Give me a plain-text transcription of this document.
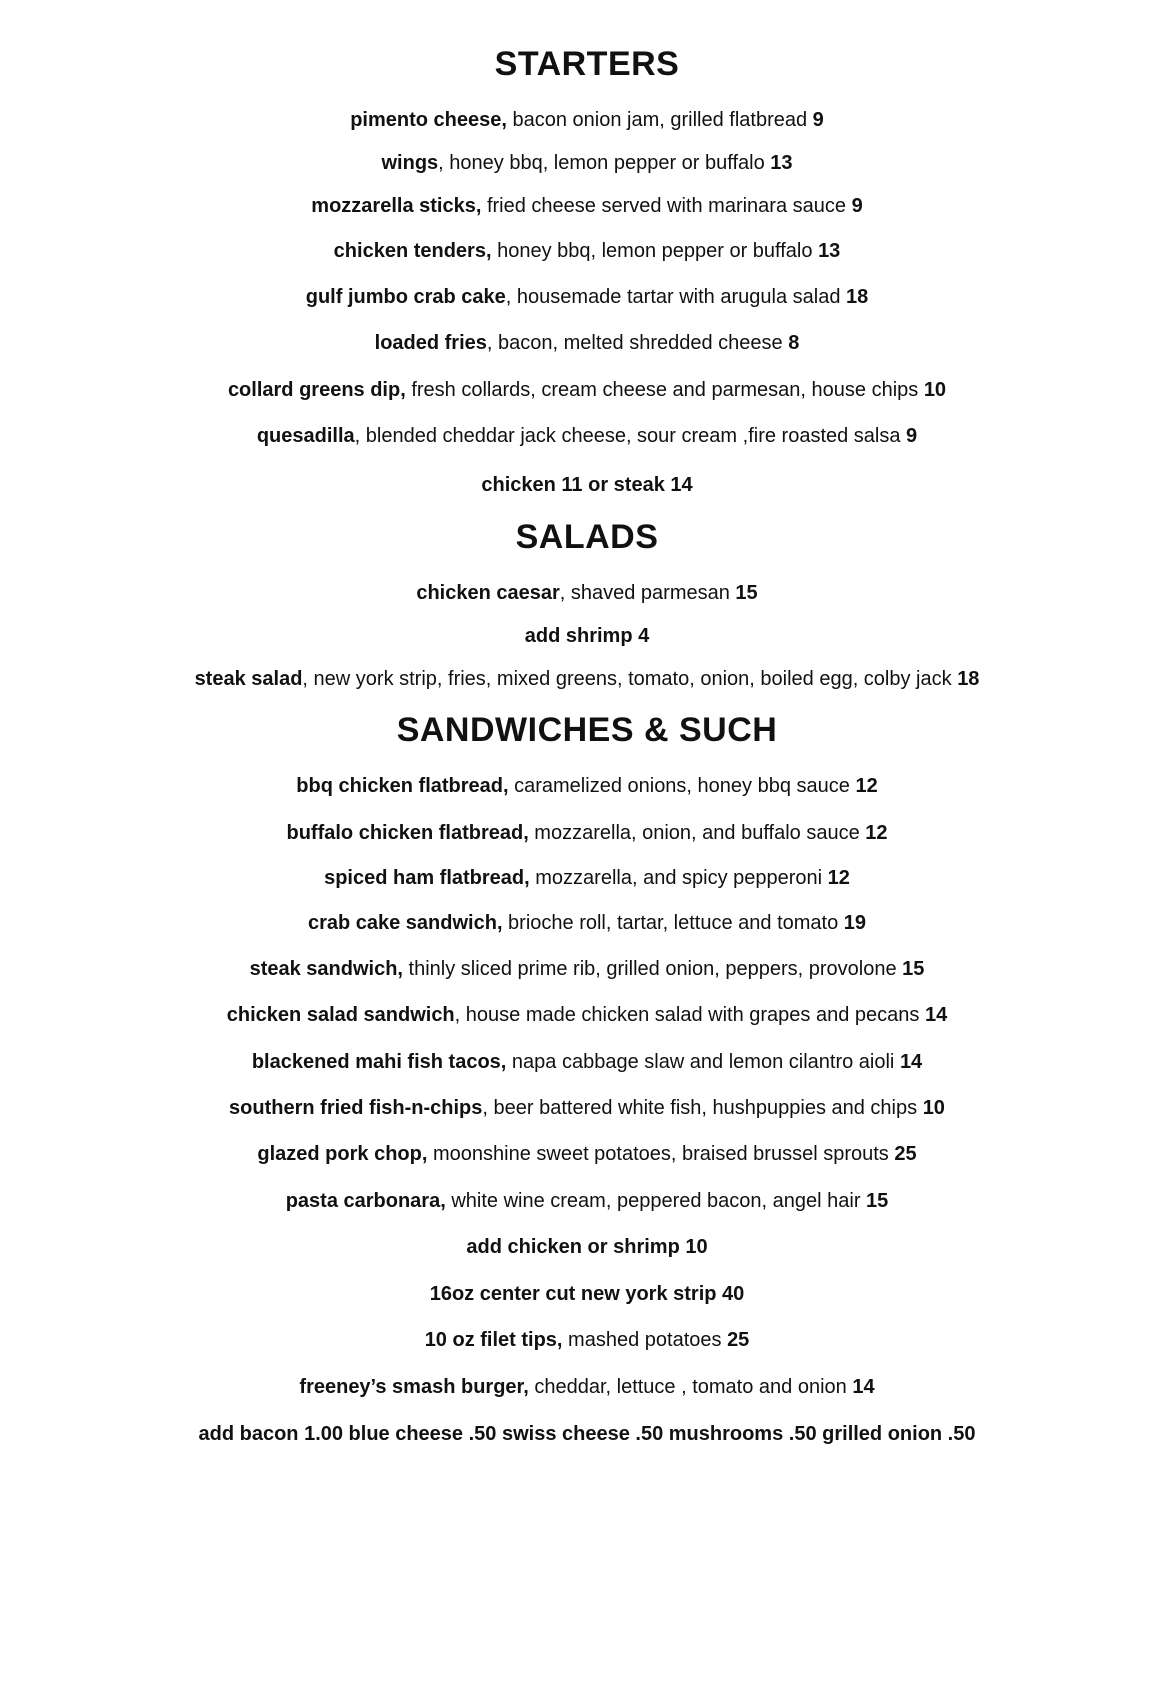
STARTERS
pimento cheese, bacon onion jam, grilled flatbread 9
wings, honey bbq, lemon pepper or buffalo 13
mozzarella sticks, fried cheese served with marinara sauce 9
chicken tenders, honey bbq, lemon pepper or buffalo 13
gulf jumbo crab cake, housemade tartar with arugula salad 18
loaded fries, bacon, melted shredded cheese 8
collard greens dip, fresh collards, cream cheese and parmesan, house chips 10
quesadilla, blended cheddar jack cheese, sour cream ,fire roasted salsa 9
chicken 11 or steak 14
SALADS
chicken caesar, shaved parmesan 15
add shrimp 4
steak salad, new york strip, fries, mixed greens, tomato, onion, boiled egg, colby jack 18
SANDWICHES & SUCH
bbq chicken flatbread, caramelized onions, honey bbq sauce 12
buffalo chicken flatbread, mozzarella, onion, and buffalo sauce 12
spiced ham flatbread, mozzarella, and spicy pepperoni 12
crab cake sandwich, brioche roll, tartar, lettuce and tomato 19
steak sandwich, thinly sliced prime rib, grilled onion, peppers, provolone 15
chicken salad sandwich, house made chicken salad with grapes and pecans 14
blackened mahi fish tacos, napa cabbage slaw and lemon cilantro aioli 14
southern fried fish-n-chips, beer battered white fish, hushpuppies and chips 10
glazed pork chop, moonshine sweet potatoes, braised brussel sprouts 25
pasta carbonara, white wine cream, peppered bacon, angel hair 15
add chicken or shrimp 10
16oz center cut new york strip 40
10 oz filet tips, mashed potatoes 25
freeney’s smash burger, cheddar, lettuce , tomato and onion 14
add bacon 1.00 blue cheese .50 swiss cheese .50 mushrooms .50 grilled onion .50
